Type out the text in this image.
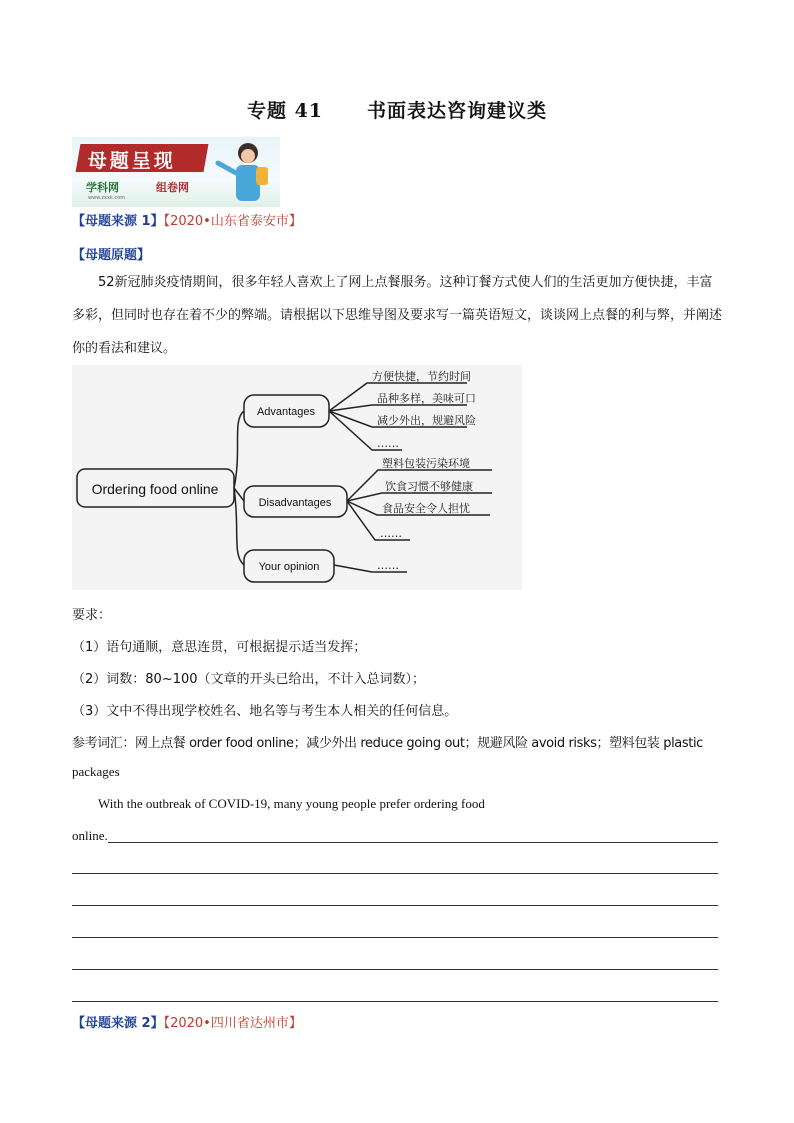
专题 41 书面表达咨询建议类
母题呈现
学科网	组卷网
www.zxxk.com
【母题来源 1】【2020•山东省泰安市】
【母题原题】
52新冠肺炎疫情期间，很多年轻人喜欢上了网上点餐服务。这种订餐方式使人们的生活更加方便快捷，丰富多彩，但同时也存在着不少的弊端。请根据以下思维导图及要求写一篇英语短文，谈谈网上点餐的利与弊，并阐述你的看法和建议。
Ordering food online
Advantages
Disadvantages
Your opinion
方便快捷，节约时间
品种多样，美味可口
减少外出，规避风险
……
塑料包装污染环境
饮食习惯不够健康
食品安全令人担忧
……
……
要求：
（1）语句通顺，意思连贯，可根据提示适当发挥；
（2）词数：80~100（文章的开头已给出，不计入总词数）；
（3）文中不得出现学校姓名、地名等与考生本人相关的任何信息。
参考词汇：网上点餐 order food online；减少外出 reduce going out；规避风险 avoid risks；塑料包装 plastic
packages
With the outbreak of COVID-19, many young people prefer ordering food
online.
【母题来源 2】【2020•四川省达州市】
